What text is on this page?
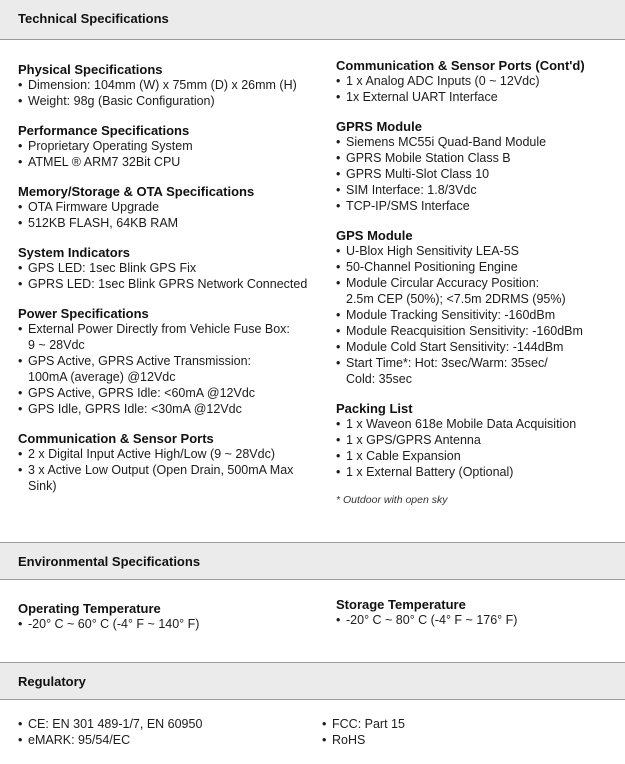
Technical Specifications
Physical Specifications
• Dimension: 104mm (W) x 75mm (D) x 26mm (H)
• Weight: 98g (Basic Configuration)
Performance Specifications
• Proprietary Operating System
• ATMEL ® ARM7 32Bit CPU
Memory/Storage & OTA Specifications
• OTA Firmware Upgrade
• 512KB FLASH, 64KB RAM
System Indicators
• GPS LED: 1sec Blink GPS Fix
• GPRS LED: 1sec Blink GPRS Network Connected
Power Specifications
• External Power Directly from Vehicle Fuse Box:
9 ~ 28Vdc
• GPS Active, GPRS Active Transmission:
100mA (average) @12Vdc
• GPS Active, GPRS Idle: <60mA @12Vdc
• GPS Idle, GPRS Idle: <30mA @12Vdc
Communication & Sensor Ports
• 2 x Digital Input Active High/Low (9 ~ 28Vdc)
• 3 x Active Low Output (Open Drain, 500mA Max
Sink)
Communication & Sensor Ports (Cont'd)
• 1 x Analog ADC Inputs (0 ~ 12Vdc)
• 1x External UART Interface
GPRS Module
• Siemens MC55i Quad-Band Module
• GPRS Mobile Station Class B
• GPRS Multi-Slot Class 10
• SIM Interface: 1.8/3Vdc
• TCP-IP/SMS Interface
GPS Module
• U-Blox High Sensitivity LEA-5S
• 50-Channel Positioning Engine
• Module Circular Accuracy Position:
2.5m CEP (50%); <7.5m 2DRMS (95%)
• Module Tracking Sensitivity: -160dBm
• Module Reacquisition Sensitivity: -160dBm
• Module Cold Start Sensitivity: -144dBm
• Start Time*: Hot: 3sec/Warm: 35sec/
Cold: 35sec
Packing List
• 1 x Waveon 618e Mobile Data Acquisition
• 1 x GPS/GPRS Antenna
• 1 x Cable Expansion
• 1 x External Battery (Optional)
* Outdoor with open sky
Environmental Specifications
Operating Temperature
• -20° C ~ 60° C (-4° F ~ 140° F)
Storage Temperature
• -20° C ~ 80° C (-4° F ~ 176° F)
Regulatory
• CE: EN 301 489-1/7, EN 60950
• eMARK: 95/54/EC
• FCC: Part 15
• RoHS
